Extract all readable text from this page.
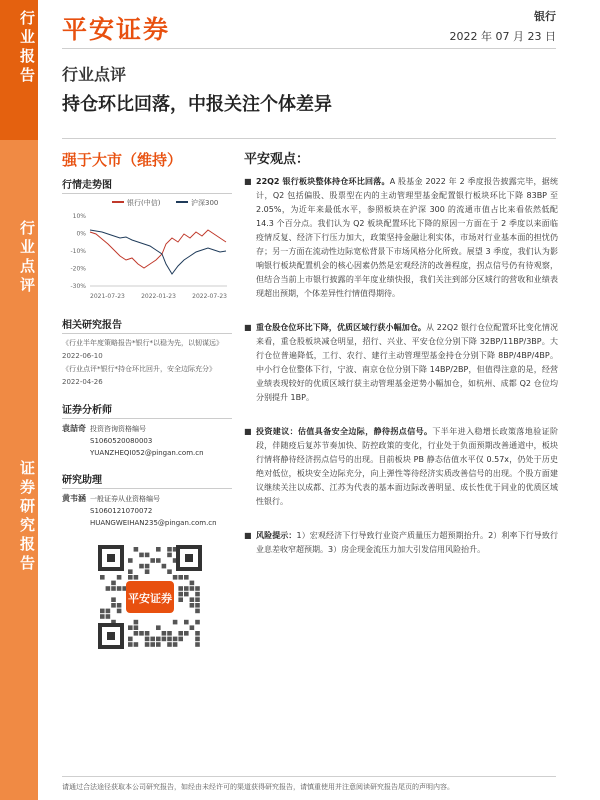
行业报告
行业点评
证券研究报告
平安证券	银行
2022 年 07 月 23 日
行业点评
持仓环比回落，中报关注个体差异
强于大市（维持）
行情走势图
银行(中信)	沪深300
10%
0%
-10%
-20%
-30%
2021-07-23	2022-01-23	2022-07-23
相关研究报告
《行业半年度策略报告*银行*以稳为先，以韧谋远》
2022-06-10
《行业点评*银行*持仓环比回升，安全边际充分》
2022-04-26
证券分析师
袁喆奇 投资咨询资格编号
S1060520080003
YUANZHEQI052@pingan.com.cn
研究助理
黄韦涵 一般证券从业资格编号
S1060121070072
HUANGWEIHAN235@pingan.com.cn
平安证券
平安观点：
■ 22Q2 银行板块整体持仓环比回落。A 股基金 2022 年 2 季度报告披露完毕，据统计，Q2 包括偏股、股票型在内的主动管理型基金配置银行板块环比下降 83BP 至 2.05%，为近年来最低水平，参照板块在沪深 300 的流通市值占比来看依然低配 14.3 个百分点。我们认为 Q2 板块配置环比下降的原因一方面在于 2 季度以来面临疫情反复、经济下行压力加大，政策坚持金融让利实体，市场对行业基本面的担忧仍存；另一方面在流动性边际宽松背景下市场风格分化所致。展望 3 季度，我们认为影响银行板块配置机会的核心因素仍然是宏观经济的改善程度，拐点信号仍有待观察，但结合当前上市银行披露的半年度业绩快报，我们关注到部分区域行的营收和业绩表现超出预期，个体差异性行情值得期待。
■ 重仓股仓位环比下降，优质区域行获小幅加仓。从 22Q2 银行仓位配置环比变化情况来看，重仓股板块减仓明显，招行、兴业、平安仓位分别下降 32BP/11BP/3BP。大行仓位普遍降低，工行、农行、建行主动管理型基金持仓分别下降 8BP/4BP/4BP。中小行仓位整体下行，宁波、南京仓位分别下降 14BP/2BP，但值得注意的是，经营业绩表现较好的优质区域行获主动管理基金逆势小幅加仓，如杭州、成都 Q2 仓位均分别提升 1BP。
■ 投资建议：估值具备安全边际，静待拐点信号。下半年进入稳增长政策落地验证阶段，伴随疫后复苏节奏加快、防控政策的变化，行业处于负面预期改善通道中，板块行情将静待经济拐点信号的出现。目前板块 PB 静态估值水平仅 0.57x，仍处于历史绝对低位，板块安全边际充分，向上弹性等待经济实质改善信号的出现。个股方面建议继续关注以成都、江苏为代表的基本面边际改善明显、成长性优于同业的优质区域性银行。
■ 风险提示：1）宏观经济下行导致行业资产质量压力超预期抬升。2）利率下行导致行业息差收窄超预期。3）房企现金流压力加大引发信用风险抬升。
请通过合法途径获取本公司研究报告，如经由未经许可的渠道获得研究报告，请慎重使用并注意阅读研究报告尾页的声明内容。
